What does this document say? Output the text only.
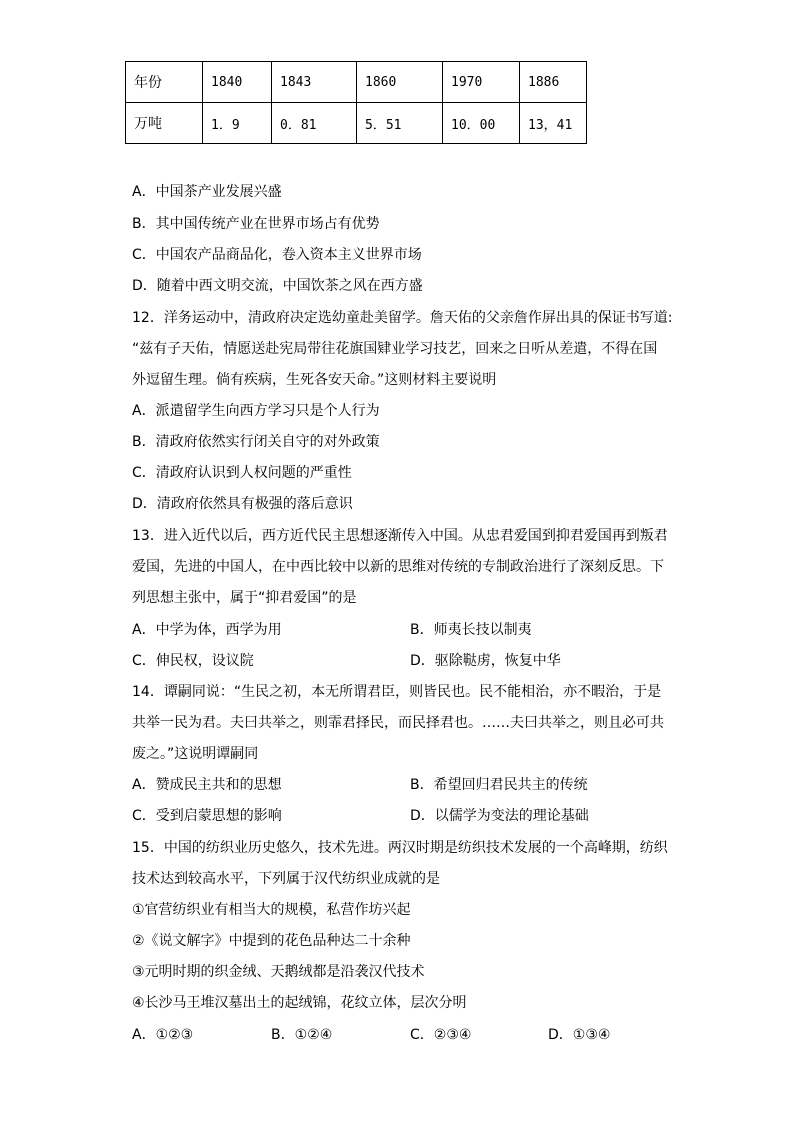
年份	1840	1843	1860	1970	1886
万吨	1．9	0．81	5．51	10．00	13，41
A．中国茶产业发展兴盛
B．其中国传统产业在世界市场占有优势
C．中国农产品商品化，卷入资本主义世界市场
D．随着中西文明交流，中国饮茶之风在西方盛
12．洋务运动中，清政府决定选幼童赴美留学。詹天佑的父亲詹作屏出具的保证书写道:
“兹有子天佑，情愿送赴宪局带往花旗国肄业学习技艺，回来之日听从差遣，不得在国
外逗留生理。倘有疾病，生死各安天命。”这则材料主要说明
A．派遣留学生向西方学习只是个人行为
B．清政府依然实行闭关自守的对外政策
C．清政府认识到人权问题的严重性
D．清政府依然具有极强的落后意识
13．进入近代以后，西方近代民主思想逐渐传入中国。从忠君爱国到抑君爱国再到叛君
爱国，先进的中国人，在中西比较中以新的思维对传统的专制政治进行了深刻反思。下
列思想主张中，属于“抑君爱国”的是
A．中学为体，西学为用	B．师夷长技以制夷
C．伸民权，设议院	D．驱除鞑虏，恢复中华
14．谭嗣同说：“生民之初，本无所谓君臣，则皆民也。民不能相治，亦不暇治，于是
共举一民为君。夫曰共举之，则霏君择民，而民择君也。……夫曰共举之，则且必可共
废之。”这说明谭嗣同
A．赞成民主共和的思想	B．希望回归君民共主的传统
C．受到启蒙思想的影响	D．以儒学为变法的理论基础
15．中国的纺织业历史悠久，技术先进。两汉时期是纺织技术发展的一个高峰期，纺织
技术达到较高水平，下列属于汉代纺织业成就的是
①官营纺织业有相当大的规模，私营作坊兴起
②《说文解字》中提到的花色品种达二十余种
③元明时期的织金绒、天鹅绒都是沿袭汉代技术
④长沙马王堆汉墓出土的起绒锦，花纹立体，层次分明
A．①②③	B．①②④	C．②③④	D．①③④
